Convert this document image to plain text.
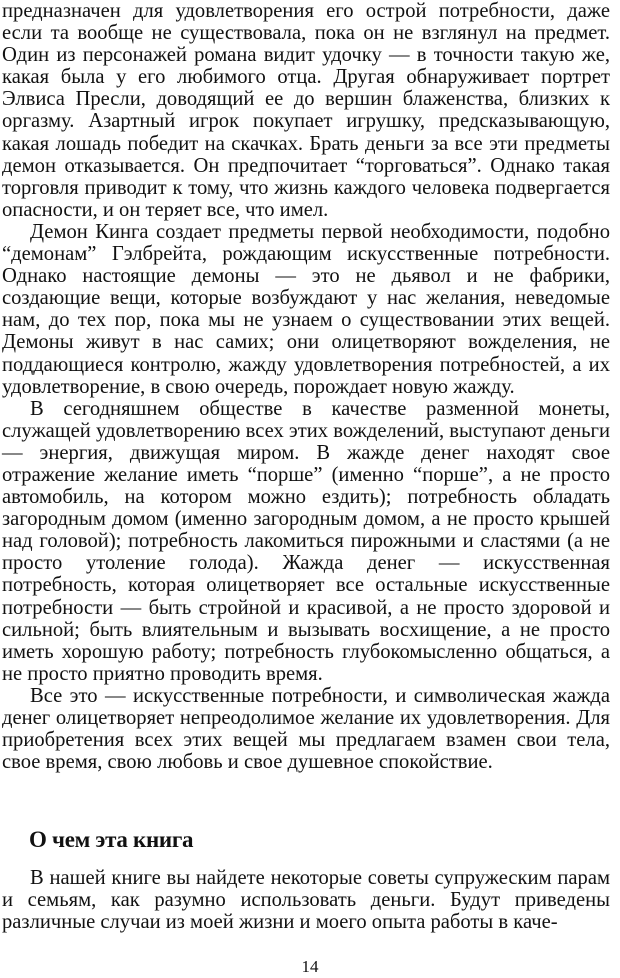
предназначен для удовлетворения его острой потребности, даже если та вообще не существовала, пока он не взглянул на предмет. Один из персонажей романа видит удочку — в точности такую же, какая была у его любимого отца. Другая обнаруживает портрет Элвиса Пресли, доводящий ее до вершин блаженства, близких к оргазму. Азартный игрок покупает игрушку, предсказывающую, какая лошадь победит на скачках. Брать деньги за все эти предметы демон отказывается. Он предпочитает “торговаться”. Однако такая торговля приводит к тому, что жизнь каждого человека подвергается опасности, и он теряет все, что имел.

Демон Кинга создает предметы первой необходимости, подобно “демонам” Гэлбрейта, рождающим искусственные потребности. Однако настоящие демоны — это не дьявол и не фабрики, создающие вещи, которые возбуждают у нас желания, неведомые нам, до тех пор, пока мы не узнаем о существовании этих вещей. Демоны живут в нас самих; они олицетворяют вожделения, не поддающиеся контролю, жажду удовлетворения потребностей, а их удовлетворение, в свою очередь, порождает новую жажду.

В сегодняшнем обществе в качестве разменной монеты, служащей удовлетворению всех этих вожделений, выступают деньги — энергия, движущая миром. В жажде денег находят свое отражение желание иметь “порше” (именно “порше”, а не просто автомобиль, на котором можно ездить); потребность обладать загородным домом (именно загородным домом, а не просто крышей над головой); потребность лакомиться пирожными и сластями (а не просто утоление голода). Жажда денег — искусственная потребность, которая олицетворяет все остальные искусственные потребности — быть стройной и красивой, а не просто здоровой и сильной; быть влиятельным и вызывать восхищение, а не просто иметь хорошую работу; потребность глубокомысленно общаться, а не просто приятно проводить время.

Все это — искусственные потребности, и символическая жажда денег олицетворяет непреодолимое желание их удовлетворения. Для приобретения всех этих вещей мы предлагаем взамен свои тела, свое время, свою любовь и свое душевное спокойствие.

О чем эта книга

В нашей книге вы найдете некоторые советы супружеским парам и семьям, как разумно использовать деньги. Будут приведены различные случаи из моей жизни и моего опыта работы в каче-

14
